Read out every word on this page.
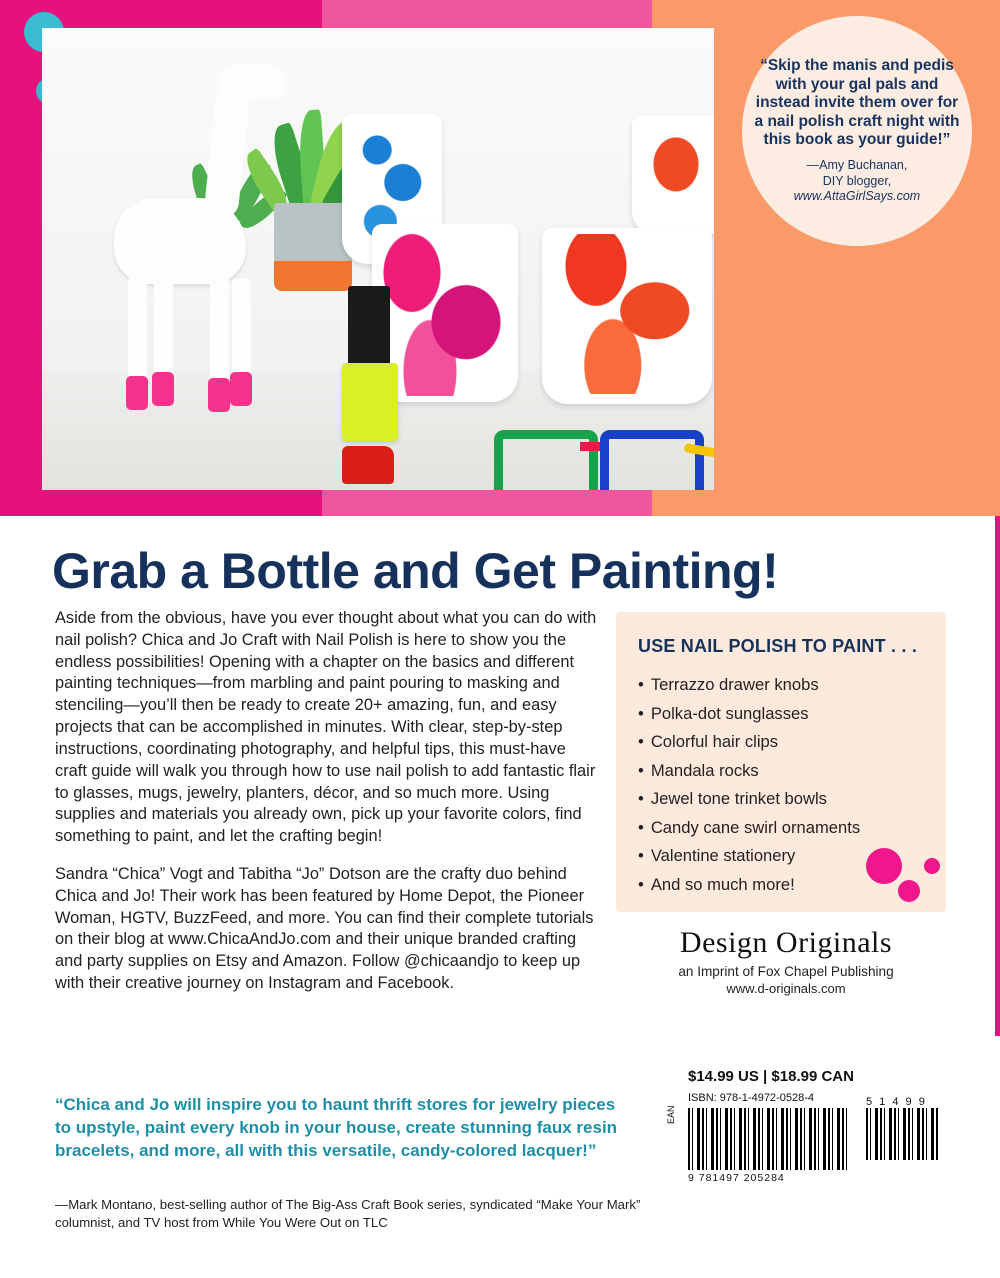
“Skip the manis and pedis with your gal pals and instead invite them over for a nail polish craft night with this book as your guide!”
—Amy Buchanan,
DIY blogger,
www.AttaGirlSays.com
Grab a Bottle and Get Painting!

Aside from the obvious, have you ever thought about what you can do with nail polish? Chica and Jo Craft with Nail Polish is here to show you the endless possibilities! Opening with a chapter on the basics and different painting techniques—from marbling and paint pouring to masking and stenciling—you’ll then be ready to create 20+ amazing, fun, and easy projects that can be accomplished in minutes. With clear, step-by-step instructions, coordinating photography, and helpful tips, this must-have craft guide will walk you through how to use nail polish to add fantastic flair to glasses, mugs, jewelry, planters, décor, and so much more. Using supplies and materials you already own, pick up your favorite colors, find something to paint, and let the crafting begin!

Sandra “Chica” Vogt and Tabitha “Jo” Dotson are the crafty duo behind Chica and Jo! Their work has been featured by Home Depot, the Pioneer Woman, HGTV, BuzzFeed, and more. You can find their complete tutorials on their blog at www.ChicaAndJo.com and their unique branded crafting and party supplies on Etsy and Amazon. Follow @chicaandjo to keep up with their creative journey on Instagram and Facebook.

“Chica and Jo will inspire you to haunt thrift stores for jewelry pieces to upstyle, paint every knob in your house, create stunning faux resin bracelets, and more, all with this versatile, candy-colored lacquer!”
—Mark Montano, best-selling author of The Big-Ass Craft Book series, syndicated “Make Your Mark” columnist, and TV host from While You Were Out on TLC
USE NAIL POLISH TO PAINT . . .
• Terrazzo drawer knobs
• Polka-dot sunglasses
• Colorful hair clips
• Mandala rocks
• Jewel tone trinket bowls
• Candy cane swirl ornaments
• Valentine stationery
• And so much more!
Design Originals
an Imprint of Fox Chapel Publishing
www.d-originals.com
$14.99 US | $18.99 CAN
ISBN: 978-1-4972-0528-4
EAN
5 1 4 9 9
9 781497 205284
